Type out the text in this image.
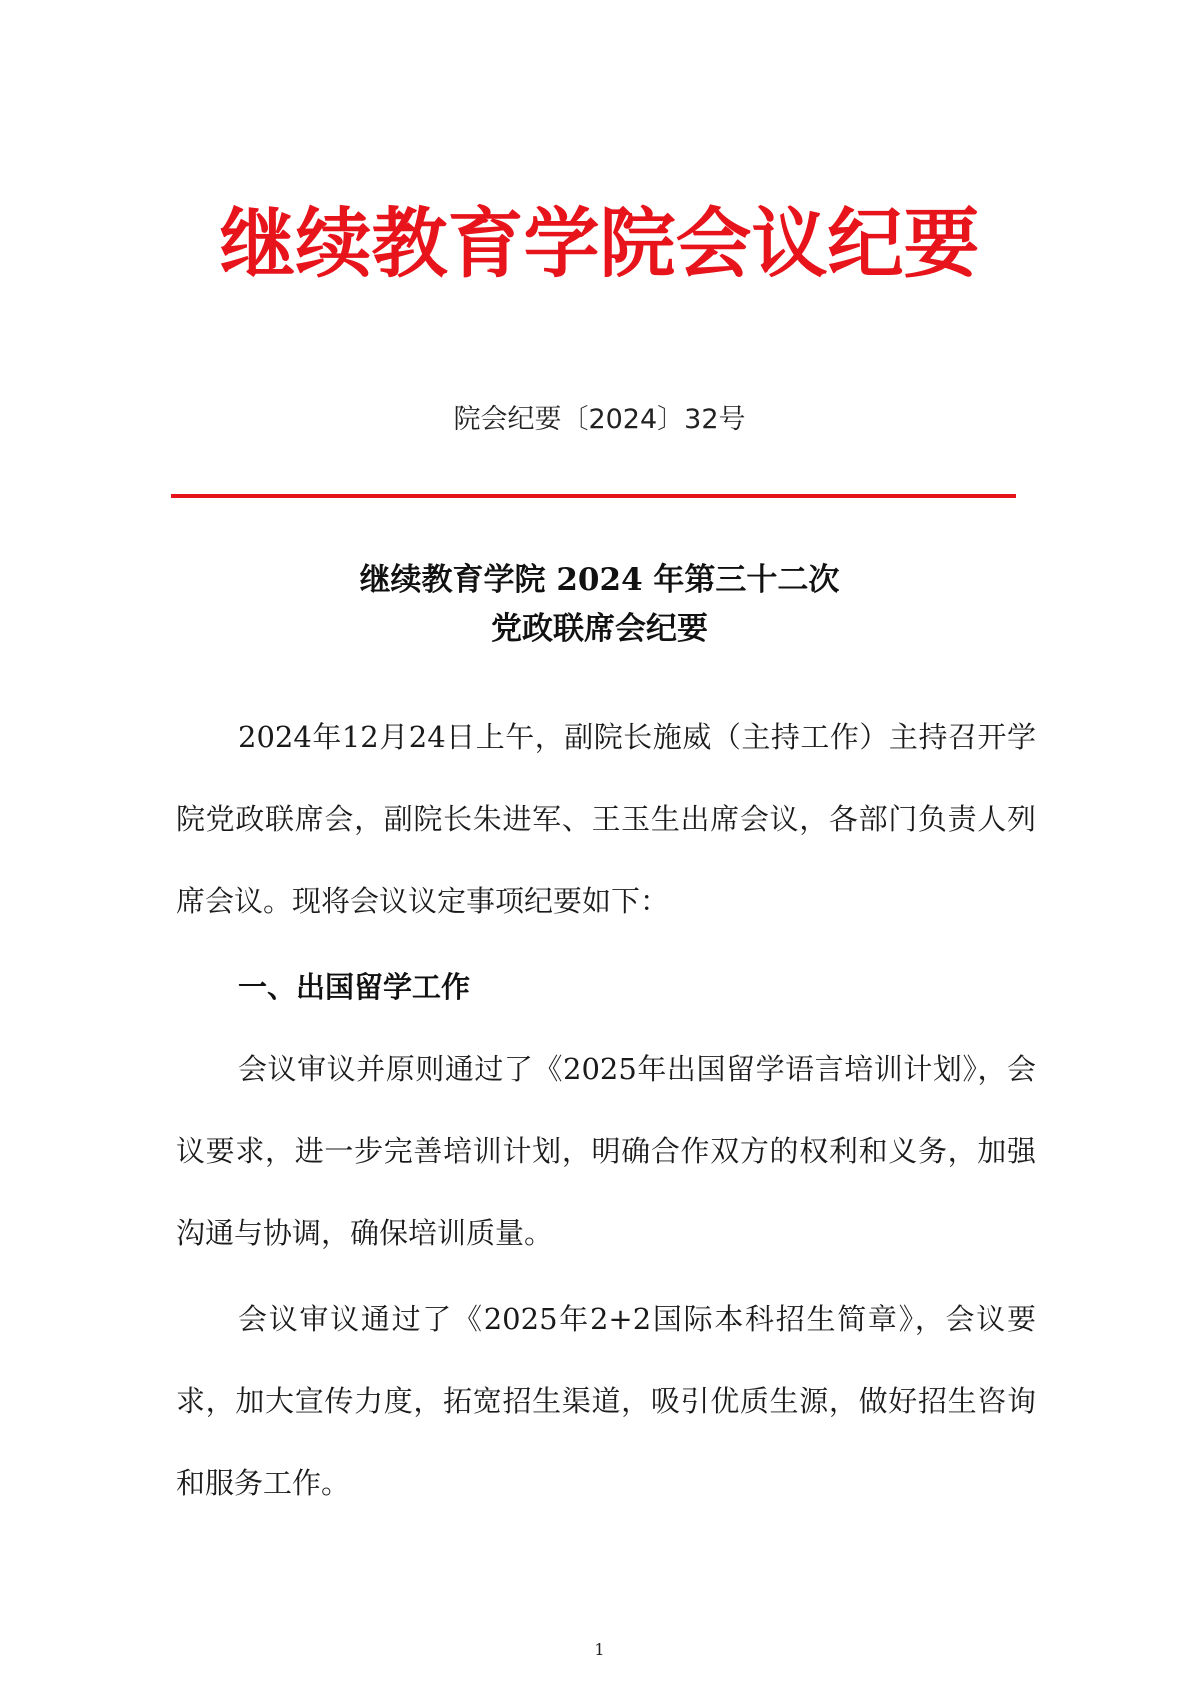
继续教育学院会议纪要
院会纪要〔2024〕32号
继续教育学院 2024 年第三十二次
党政联席会纪要

2024年12月24日上午，副院长施威（主持工作）主持召开学院党政联席会，副院长朱进军、王玉生出席会议，各部门负责人列席会议。现将会议议定事项纪要如下：

一、出国留学工作

会议审议并原则通过了《2025年出国留学语言培训计划》，会议要求，进一步完善培训计划，明确合作双方的权利和义务，加强沟通与协调，确保培训质量。

会议审议通过了《2025年2+2国际本科招生简章》，会议要求，加大宣传力度，拓宽招生渠道，吸引优质生源，做好招生咨询和服务工作。

1
